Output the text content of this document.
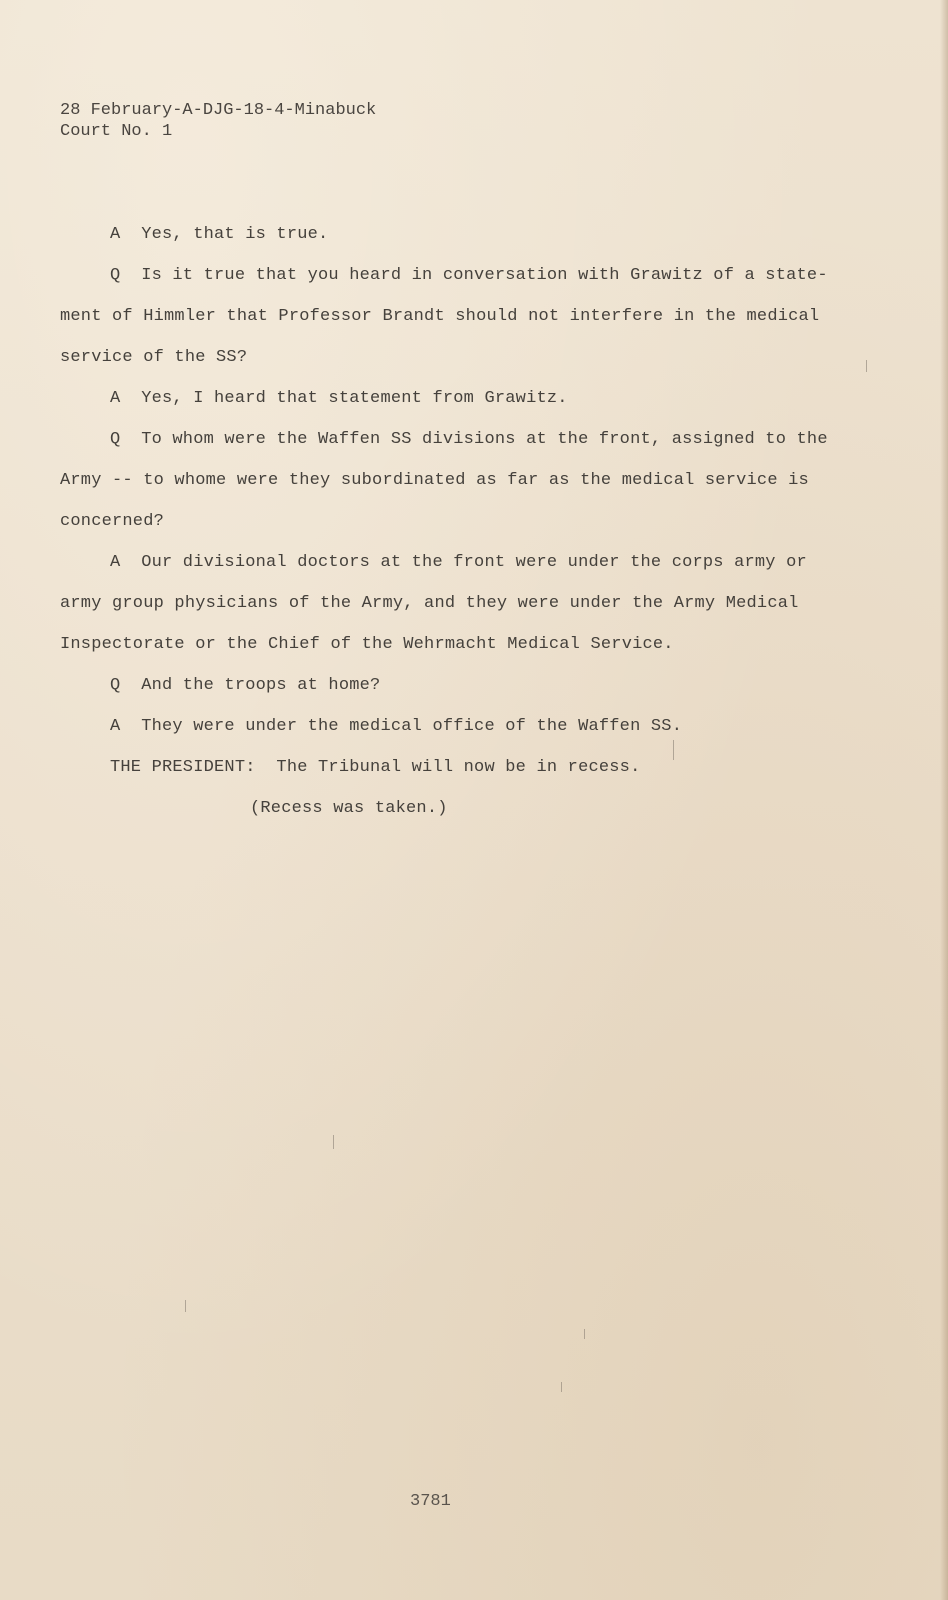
28 February-A-DJG-18-4-Minabuck
Court No. 1
A  Yes, that is true.
Q  Is it true that you heard in conversation with Grawitz of a state-
ment of Himmler that Professor Brandt should not interfere in the medical
service of the SS?
A  Yes, I heard that statement from Grawitz.
Q  To whom were the Waffen SS divisions at the front, assigned to the
Army -- to whome were they subordinated as far as the medical service is
concerned?
A  Our divisional doctors at the front were under the corps army or
army group physicians of the Army, and they were under the Army Medical
Inspectorate or the Chief of the Wehrmacht Medical Service.
Q  And the troops at home?
A  They were under the medical office of the Waffen SS.
THE PRESIDENT:  The Tribunal will now be in recess.
(Recess was taken.)
3781
